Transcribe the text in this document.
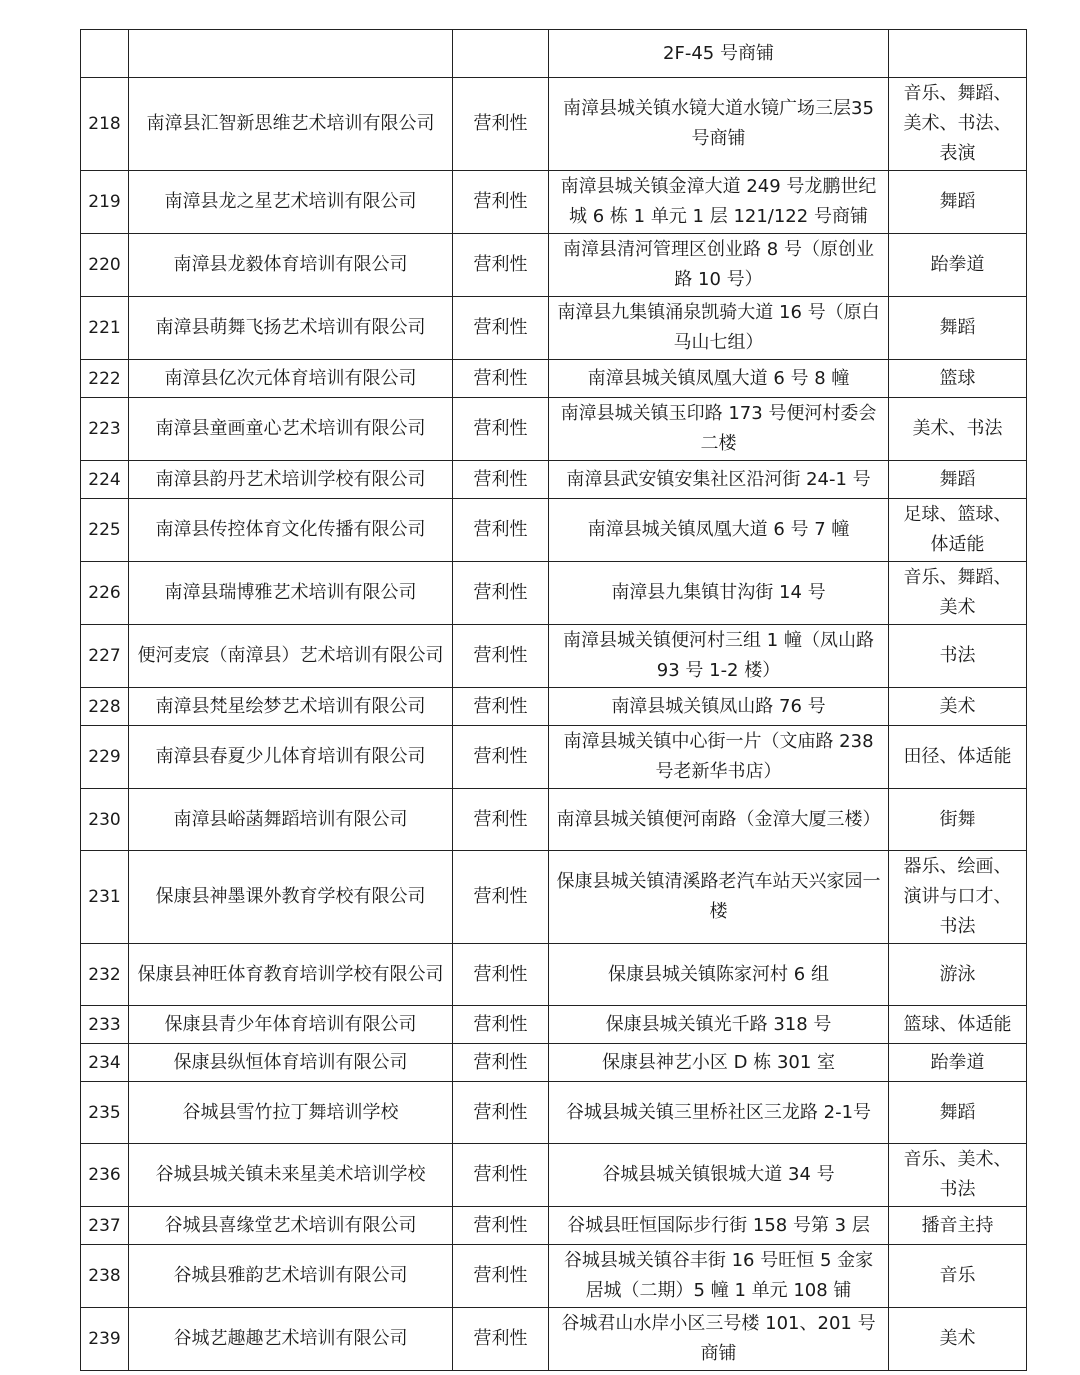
			2F-45 号商铺	
218	南漳县汇智新思维艺术培训有限公司	营利性	南漳县城关镇水镜大道水镜广场三层35 号商铺	音乐、舞蹈、美术、书法、表演
219	南漳县龙之星艺术培训有限公司	营利性	南漳县城关镇金漳大道 249 号龙鹏世纪城 6 栋 1 单元 1 层 121/122 号商铺	舞蹈
220	南漳县龙毅体育培训有限公司	营利性	南漳县清河管理区创业路 8 号（原创业路 10 号）	跆拳道
221	南漳县萌舞飞扬艺术培训有限公司	营利性	南漳县九集镇涌泉凯骑大道 16 号（原白马山七组）	舞蹈
222	南漳县亿次元体育培训有限公司	营利性	南漳县城关镇凤凰大道 6 号 8 幢	篮球
223	南漳县童画童心艺术培训有限公司	营利性	南漳县城关镇玉印路 173 号便河村委会二楼	美术、书法
224	南漳县韵丹艺术培训学校有限公司	营利性	南漳县武安镇安集社区沿河街 24-1 号	舞蹈
225	南漳县传控体育文化传播有限公司	营利性	南漳县城关镇凤凰大道 6 号 7 幢	足球、篮球、体适能
226	南漳县瑞博雅艺术培训有限公司	营利性	南漳县九集镇甘沟街 14 号	音乐、舞蹈、美术
227	便河麦宸（南漳县）艺术培训有限公司	营利性	南漳县城关镇便河村三组 1 幢（凤山路 93 号 1-2 楼）	书法
228	南漳县梵星绘梦艺术培训有限公司	营利性	南漳县城关镇凤山路 76 号	美术
229	南漳县春夏少儿体育培训有限公司	营利性	南漳县城关镇中心街一片（文庙路 238号老新华书店）	田径、体适能
230	南漳县峪菡舞蹈培训有限公司	营利性	南漳县城关镇便河南路（金漳大厦三楼）	街舞
231	保康县神墨课外教育学校有限公司	营利性	保康县城关镇清溪路老汽车站天兴家园一楼	器乐、绘画、演讲与口才、书法
232	保康县神旺体育教育培训学校有限公司	营利性	保康县城关镇陈家河村 6 组	游泳
233	保康县青少年体育培训有限公司	营利性	保康县城关镇光千路 318 号	篮球、体适能
234	保康县纵恒体育培训有限公司	营利性	保康县神艺小区 D 栋 301 室	跆拳道
235	谷城县雪竹拉丁舞培训学校	营利性	谷城县城关镇三里桥社区三龙路 2-1号	舞蹈
236	谷城县城关镇未来星美术培训学校	营利性	谷城县城关镇银城大道 34 号	音乐、美术、书法
237	谷城县喜缘堂艺术培训有限公司	营利性	谷城县旺恒国际步行街 158 号第 3 层	播音主持
238	谷城县雅韵艺术培训有限公司	营利性	谷城县城关镇谷丰街 16 号旺恒 5 金家居城（二期）5 幢 1 单元 108 铺	音乐
239	谷城艺趣趣艺术培训有限公司	营利性	谷城君山水岸小区三号楼 101、201 号商铺	美术
